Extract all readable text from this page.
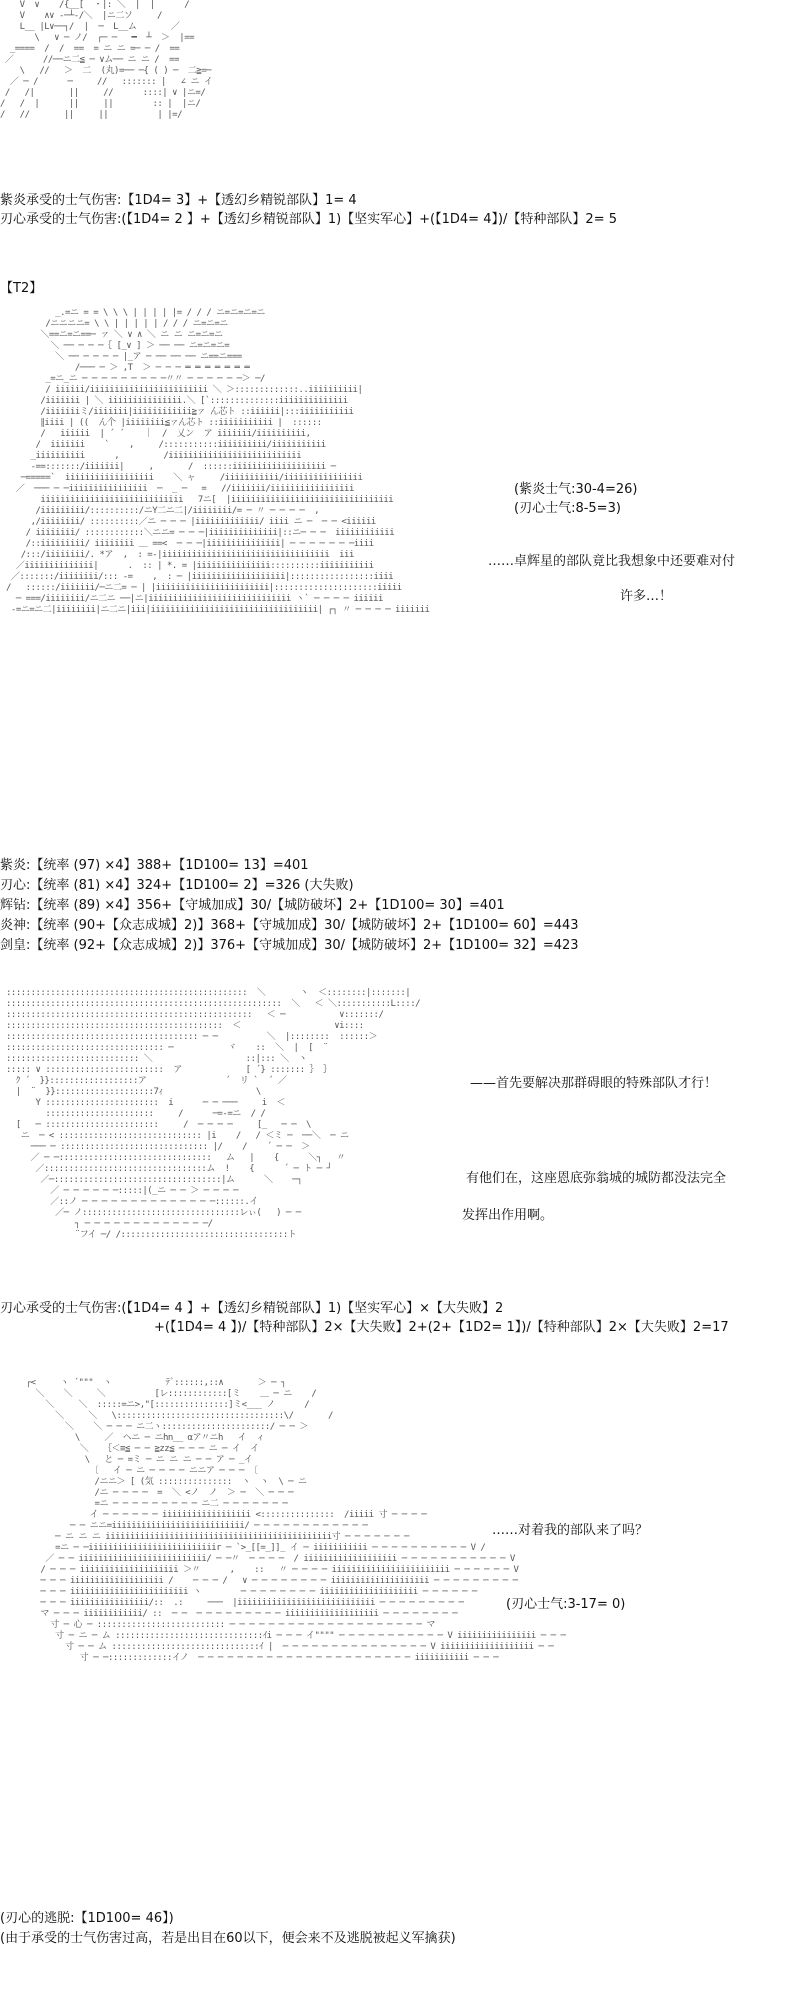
V  ∨    /{__[  ・|: ＼  |  |      /
V    ∧∨ ‐─┴-/＼  |ニ二ソ     /
L__ |L∨──┐/  |  ─  L__ム       ／
\   ∨ ─ ノ/  ┌─ ─   ━  ┴  ＞  |==
_====  /  /  ==  = ニ ニ =─ ─ /  ==
／      //──ニ二≦ ─ ∨ム── ニ ニ /  ==
\   //   ＞  二  (丸)=── ─{ ( ) ─  二≧=─
／ ─ /      ─     //   ::::::: |   ∠ ニ イ
/   /|       ||     //      ::::| ∨ |ニ=/
/   /  |      ||     ||        :: |  |ニ/
/   //       ||     ||          | |=/
紫炎承受的士气伤害:【1D4= 3】+【透幻乡精锐部队】1= 4
刃心承受的士气伤害:(【1D4= 2 】+【透幻乡精锐部队】1)【坚实军心】+(【1D4= 4】)/【特种部队】2= 5
【T2】
_.=ニ = = \ \ \ | | | | |= / / / ニ=ニ=ニ=ニ
/ニニニニ= \ \ | | | | | / / / ニ=ニ=ニ
＼==ニ=ニ==─ ァ ＼ ∨ ∧ ＼ ニ ニ ニ=ニ=ニ
＼ ── ─ ─ ─｛ [_∨ ] ＞ ── ── ニ=ニ=ニ=
＼ ── ─ ─ ─ ─ |_ア ─ ── ── ── ニ==ニ===
/─── ─ ＞ ,T  ＞ ─ ─ ─ ═ ═ ═ ═ ═ ═ ═
_=ニ_ニ ─ ─ ─ ─ ─ ─ ─ ─ ─〃〃 ─ ─ ─ ─ ─ ─＞ ─/
/ iiiiii/iiiiiiiiiiiiiiiiiiiiiiii ＼ ＞:::::::::::::..iiiiiiiiii|
/iiiiiii | ＼ iiiiiiiiiiiiiii.＼ [`::::::::::::::iiiiiiiiiiiiii
/iiiiiiiミ/iiiiiii|iiiiiiiiiiii≧ァ ん芯ト ::iiiiii|:::iiiiiiiiiii
∥iiii | ((  ん个 |iiiiiiii≦ァん芯ト ::iiiiiiiiiii |  ::::::
/   iiiiii  | ´ ´    ｜  /  乂ン  ア iiiiiii/iiiiiiiiii,
/  iiiiiii    `    ,     /:::::::::::iiiiiiiiii/iiiiiiiiiii
_iiiiiiiiii      ,         /iiiiiiiiiiiiiiiiiiiiiiiiiii
-==:::::::/iiiiiii|     ,       /  ::::::iiiiiiiiiiiiiiiiiii ─
─=====`  iiiiiiiiiiiiiiiiii    ＼ ャ     /iiiiiiiiiii/iiiiiiiiiiiiiiii
／  ─── ─ ─iiiiiiiiiiiiiiii  ─  _ ─   =   //iiiiiii/iiiiiiiiiiiiiiiii
iiiiiiiiiiiiiiiiiiiiiiiiiiiii   7ニ[  |iiiiiiiiiiiiiiiiiiiiiiiiiiiiiiiii
/iiiiiiiii/::::::::::/ニY二ニ二|/iiiiiiii/= ─ 〃 ─ ─ ─ ─  ,
,/iiiiiiii/ ::::::::::／ニ ─ ─ ─ |iiiiiiiiiiiii/ iiii ニ ─  ─ ─ <iiiiii
/ iiiiiiii/ ::::::::::::＼ニニ= ─ ─ ─|iiiiiiiiiiiiii|::ニ─ ─ ─  iiiiiiiiiiii
/::iiiiiiiii/ iiiiiiii ＿ ==<  ─ ─ ─|iiiiiiiiiiiiiii| ─ ─ ─ ─ ─ ─ ─iiii
/:::/iiiiiiii/. *ア  ,  : =-|iiiiiiiiiiiiiiiiiiiiiiiiiiiiiiiiii  iii
／iiiiiiiiiiiiii|      .  :: | *. = |iiiiiiiiiiiiiii::::::::::iiiiiiiiiii
／:::::::/iiiiiiii/::: -=    ,  : ─ |iiiiiiiiiiiiiiiiiii|:::::::::::::::::iiii
/   ::::::/iiiiiii/─ニ二= ─ | |iiiiiiiiiiiiiiiiiiiiiii|:::::::::::::::::::::iiiii
─ ===/iiiiiiii/ニ二ニ ──|ニ|iiiiiiiiiiiiiiiiiiiiiiiiiiiii ヽ` ─ ─ ─ ─ iiiiii
-=ニ=ニ二|iiiiiiii|ニ二ニ|iii|iiiiiiiiiiiiiiiiiiiiiiiiiiiiiiiiii| ┌┐ 〃 ─ ─ ─ ─ iiiiiii
(紫炎士气:30-4=26)
(刃心士气:8-5=3)
……卓辉星的部队竟比我想象中还要难对付
许多…！
紫炎:【统率 (97) ×4】388+【1D100= 13】=401
刃心:【统率 (81) ×4】324+【1D100= 2】=326 (大失败)
辉钻:【统率 (89) ×4】356+【守城加成】30/【城防破坏】2+【1D100= 30】=401
炎神:【统率 (90+【众志成城】2)】368+【守城加成】30/【城防破坏】2+【1D100= 60】=443
剑皇:【统率 (92+【众志成城】2)】376+【守城加成】30/【城防破坏】2+【1D100= 32】=423
:::::::::::::::::::::::::::::::::::::::::::::::::  ＼       ヽ  ＜::::::::|:::::::|
::::::::::::::::::::::::::::::::::::::::::::::::::::::::  ＼   ＜ ＼:::::::::::L::::/
::::::::::::::::::::::::::::::::::::::::::::::::::   ＜ ─           ∨:::::::/
::::::::::::::::::::::::::::::::::::::::::::  ＜                   ∨i::::
::::::::::::::::::::::::::::::::::::::: ─ ─          ＼  |::::::::  ::::::＞
:::::::::::::::::::::::::::::::: ─           ヾ    ::  ＼  |  [  ¨
::::::::::::::::::::::::::: ＼                   ::|::: ＼  ヽ
::::: ∨ ::::::::::::::::::::::::  ア             [ ´} ::::::: ｝ ｝
ｸ ´  }}::::::::::::::::::ア                ´  リ `  ´ ／
|  ¨  }}::::::::::::::::::::7ｨ                   \
Y :::::::::::::::::::::::  i      ─ ─ ───     i  ＜
::::::::::::::::::::::     /      ─=-=ニ  / /
[   ─ :::::::::::::::::::::::     /  ─ ─ ─ ─     [_   ─ ─  \
ニ  ─ < ::::::::::::::::::::::::::::: |i    /   / ＜ミ ─  ──＼  ─ ニ
─── ─ :::::::::::::::::::::::::::::: |/    /    ´ ─ ─  ＞
／ ─ ─:::::::::::::::::::::::::::::::   ム   |    {      ＼┐   〃
／:::::::::::::::::::::::::::::::::ム  !    {      ´ ─ ト ─ ┘
／─::::::::::::::::::::::::::::::::::|ム      ＼    ─┐
／ ─ ─ ─ ─ ─ ─:::::|(_ニ ─ ─ ＞ ─ ─ ─ ─
／::ノ ─ ─ ─ ─ ─ ─ ─ ─ ─ ─ ─ ─ ─ ─::::::.イ
／─ ノ::::::::::::::::::::::::::::::::レぃ(   ) ─ ─
┐ ─ ─ ─ ─ ─ ─ ─ ─ ─ ─ ─ ─ ─/
¨フイ ─/ /::::::::::::::::::::::::::::::::::ト
——首先要解决那群碍眼的特殊部队才行！
有他们在，这座恩底弥翁城的城防都没法完全
发挥出作用啊。
刃心承受的士气伤害:(【1D4= 4 】+【透幻乡精锐部队】1)【坚实军心】×【大失败】2
+(【1D4= 4 】)/【特种部队】2×【大失败】2+(2+【1D2= 1】)/【特种部队】2×【大失败】2=17
┌<     ヽ ´"""  ヽ           ﾃﾞ::::::,::∧       ＞ ─ ┐
＼    ＼     ＼          [レ::::::::::::[ミ    ＿ ─ ニ    /
＼     ＼  :::::=ニ>,"[:::::::::::::::]ミ<___ ノ      /
＼     ＼   \::::::::::::::::::::::::::::::::::\/       /
＼    ＼ ─ ─ ─ ニ二ヽ::::::::::::::::::::::/ ─ ─ ＞
\     ／  ヘニ ─ ニhn__ αア〃ニh   イ  ィ
＼   ｛＜≡≦ ─ ─ ≧zz≦ ─ ─ ─ ニ ─ イ  イ
\   と ─ =ミ ─ ニ ニ ニ ─ ─ ア ─ _イ
〔   イ ─ ニ ─ ─ ─ ─ ニニア ─ ─ ─ 〔
/ニニ＞ [ (気 :::::::::::::::  ヽ  ヽ  \ ─ ニ
/ニ ─ ─ ─ ─  =  ＼ <ノ  ノ  ＞ ─  ＼ ─ ─ ─
=ニ ─ ─ ─ ─ ─ ─ ─ ─ ─ ニ二 ─ ─ ─ ─ ─ ─ ─
イ ─ ─ ─ ─ ─ ─ iiiiiiiiiiiiiiiiii <:::::::::::::::  /iiiii 寸 ─ ─ ─ ─
─ ─ ニニ=iiiiiiiiiiiiiiiiiiiiiiiiiii/ ─ ─ ─ ─ ─ ─ ─ ─ ─ ─ ─ ─
─ ニ ニ ニ iiiiiiiiiiiiiiiiiiiiiiiiiiiiiiiiiiiiiiiiiiiiii寸 ─ ─ ─ ─ ─ ─ ─
=ニ ─ ─iiiiiiiiiiiiiiiiiiiiiiiiiir ─ `>_[[=_]]_ イ ─ iiiiiiiiiii ─ ─ ─ ─ ─ ─ ─ ─ ─ ─ V /
／ ─ ─ iiiiiiiiiiiiiiiiiiiiiiiiii/ ─ ─〃  ─ ─ ─ ─  / iiiiiiiiiiiiiiiiiii ─ ─ ─ ─ ─ ─ ─ ─ ─ ─ ─ V
/ ─ ─ ─ iiiiiiiiiiiiiiiiiiii ＞〃      ,    ::   〃 ─ ─ ─ ─ iiiiiiiiiiiiiiiiiiiiiiii ─ ─ ─ ─ ─ ─ V
─ ─ ─ iiiiiiiiiiiiiiiiiii /    ─ ─ ─ /   ∨ ─ ─ ─ ─ ─ ─ ─ ─ iiiiiiiiiiiiiiiiiiii ─ ─ ─ ─ ─ ─ ─ ─ ─
─ ─ ─ iiiiiiiiiiiiiiiiiiiiiiii ヽ        ─ ─ ─ ─ ─ ─ ─ ─ iiiiiiiiiiiiiiiiiiii ─ ─ ─ ─ ─ ─
─ ─ ─ iiiiiiiiiiiiiiii/::  .:     ───  |iiiiiiiiiiiiiiiiiiiiiiiiiiii ─ ─ ─ ─ ─ ─ ─ ─ ─
マ ─ ─ ─ iiiiiiiiiiii/ ::  ─ ─  ─ ─ ─ ─ ─ ─ ─ ─ ─ iiiiiiiiiiiiiiiiiii ─ ─ ─ ─ ─ ─ ─ ─
寸 ─ 心 ─ :::::::::::::::::::::::::: ─ ─ ─ ─ ─ ─ ─ ─ ─ ─ ─ ─ ─ ─ ─ ─ ─ ─ ─ ─ マ
寸 ─ ニ ─ ム ::::::::::::::::::::::::::::::ｲi ─ ─ ─ イ"""" ─ ─ ─ ─ ─ ─ ─ ─ ─ ─ ─ V iiiiiiiiiiiiiiii ─ ─ ─
寸 ─ ─ ム ::::::::::::::::::::::::::::::ｲ |  ─ ─ ─ ─ ─ ─ ─ ─ ─ ─ ─ ─ ─ ─ ─ V iiiiiiiiiiiiiiiiiii ─ ─
寸 ─ ─:::::::::::::イノ  ─ ─ ─ ─ ─ ─ ─ ─ ─ ─ ─ ─ ─ ─ ─ ─ ─ ─ ─ ─ ─ ─ iiiiiiiiiii ─ ─ ─
……对着我的部队来了吗？
(刃心士气:3-17= 0)
(刃心的逃脱:【1D100= 46】)
(由于承受的士气伤害过高，若是出目在60以下，便会来不及逃脱被起义军擒获)
